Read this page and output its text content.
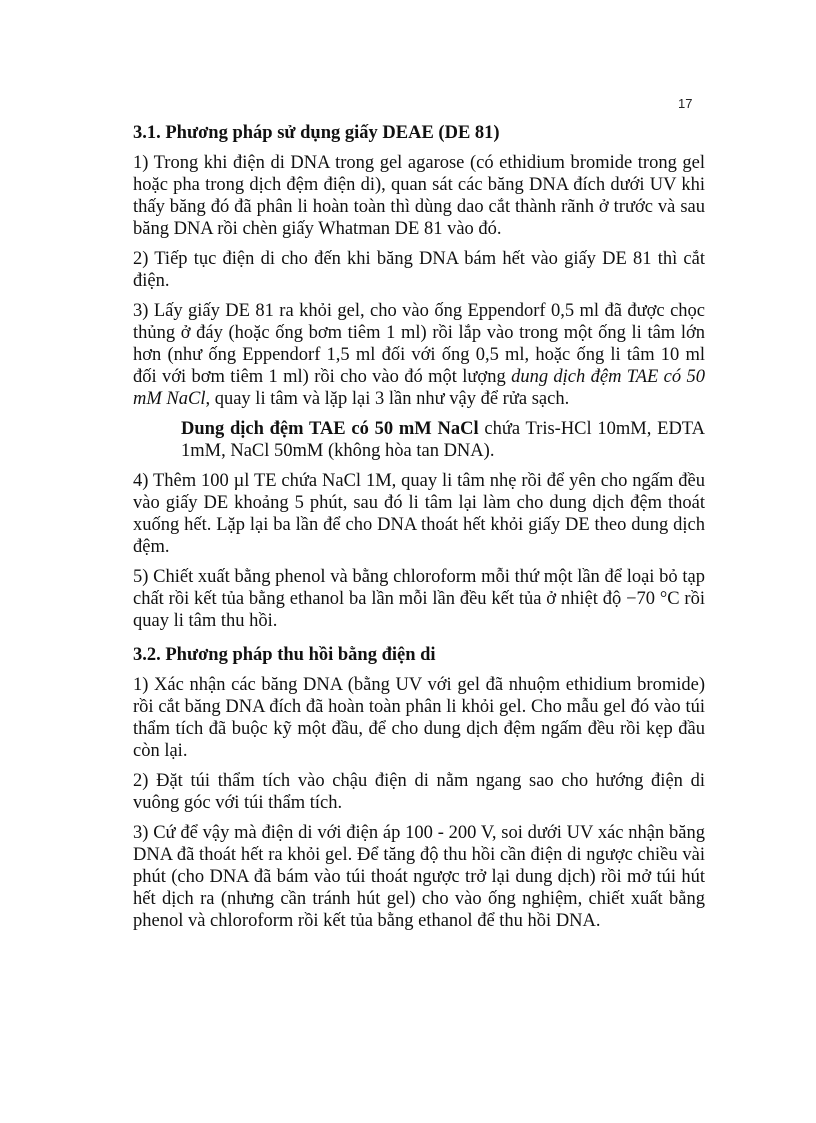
17
3.1. Phương pháp sử dụng giấy DEAE (DE 81)

1) Trong khi điện di DNA trong gel agarose (có ethidium bromide trong gel hoặc pha trong dịch đệm điện di), quan sát các băng DNA đích dưới UV khi thấy băng đó đã phân li hoàn toàn thì dùng dao cắt thành rãnh ở trước và sau băng DNA rồi chèn giấy Whatman DE 81 vào đó.

2) Tiếp tục điện di cho đến khi băng DNA bám hết vào giấy DE 81 thì cắt điện.

3) Lấy giấy DE 81 ra khỏi gel, cho vào ống Eppendorf 0,5 ml đã được chọc thủng ở đáy (hoặc ống bơm tiêm 1 ml) rồi lắp vào trong một ống li tâm lớn hơn (như ống Eppendorf 1,5 ml đối với ống 0,5 ml, hoặc ống li tâm 10 ml đối với bơm tiêm 1 ml) rồi cho vào đó một lượng dung dịch đệm TAE có 50 mM NaCl, quay li tâm và lặp lại 3 lần như vậy để rửa sạch.

Dung dịch đệm TAE có 50 mM NaCl chứa Tris-HCl 10mM, EDTA 1mM, NaCl 50mM (không hòa tan DNA).

4) Thêm 100 µl TE chứa NaCl 1M, quay li tâm nhẹ rồi để yên cho ngấm đều vào giấy DE khoảng 5 phút, sau đó li tâm lại làm cho dung dịch đệm thoát xuống hết. Lặp lại ba lần để cho DNA thoát hết khỏi giấy DE theo dung dịch đệm.

5) Chiết xuất bằng phenol và bằng chloroform mỗi thứ một lần để loại bỏ tạp chất rồi kết tủa bằng ethanol ba lần mỗi lần đều kết tủa ở nhiệt độ −70 °C rồi quay li tâm thu hồi.

3.2. Phương pháp thu hồi bằng điện di

1) Xác nhận các băng DNA (bằng UV với gel đã nhuộm ethidium bromide) rồi cắt băng DNA đích đã hoàn toàn phân li khỏi gel. Cho mẫu gel đó vào túi thẩm tích đã buộc kỹ một đầu, để cho dung dịch đệm ngấm đều rồi kẹp đầu còn lại.

2) Đặt túi thẩm tích vào chậu điện di nằm ngang sao cho hướng điện di vuông góc với túi thẩm tích.

3) Cứ để vậy mà điện di với điện áp 100 - 200 V, soi dưới UV xác nhận băng DNA đã thoát hết ra khỏi gel. Để tăng độ thu hồi cần điện di ngược chiều vài phút (cho DNA đã bám vào túi thoát ngược trở lại dung dịch) rồi mở túi hút hết dịch ra (nhưng cần tránh hút gel) cho vào ống nghiệm, chiết xuất bằng phenol và chloroform rồi kết tủa bằng ethanol để thu hồi DNA.
